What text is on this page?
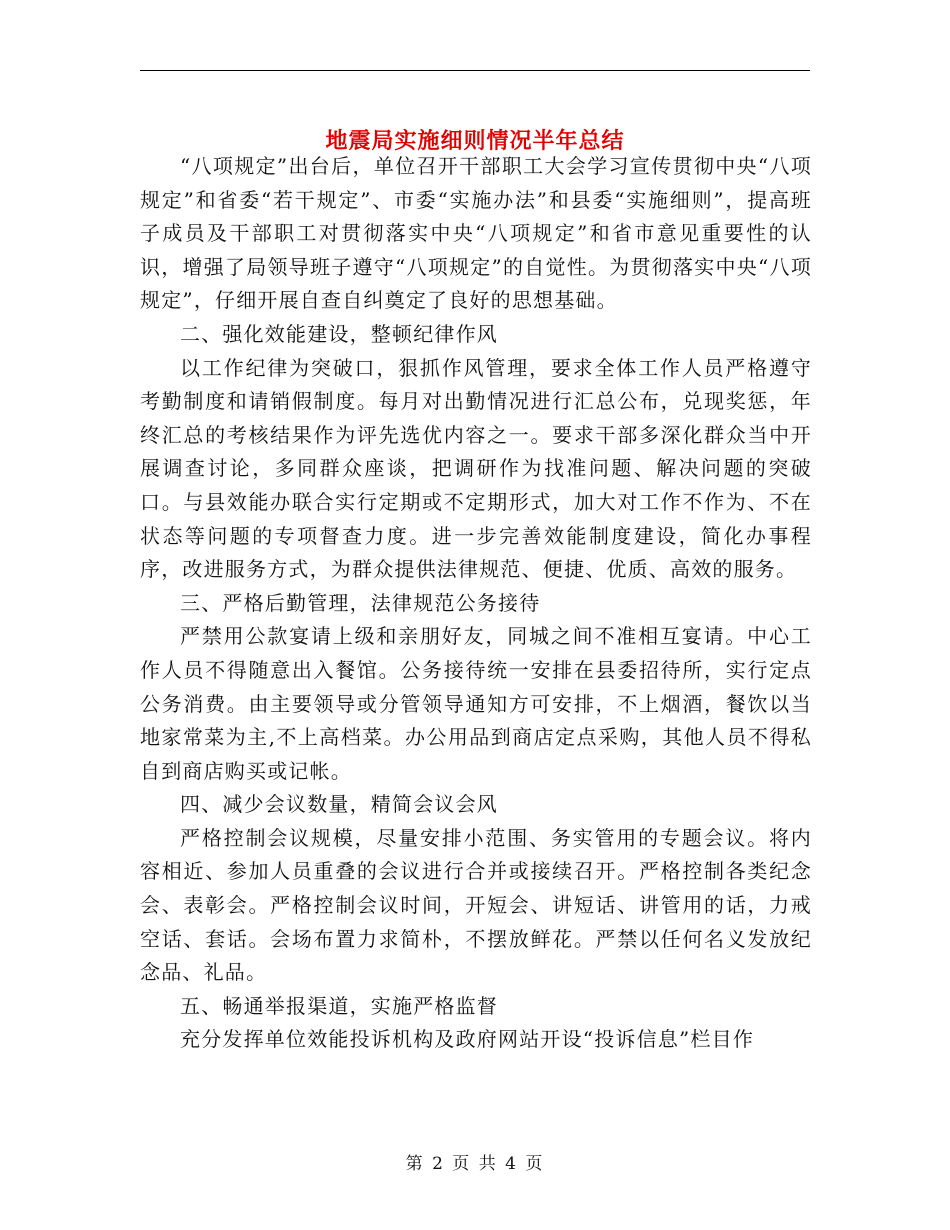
地震局实施细则情况半年总结

“八项规定”出台后，单位召开干部职工大会学习宣传贯彻中央“八项规定”和省委“若干规定”、市委“实施办法”和县委“实施细则”，提高班子成员及干部职工对贯彻落实中央“八项规定”和省市意见重要性的认识，增强了局领导班子遵守“八项规定”的自觉性。为贯彻落实中央“八项规定”，仔细开展自查自纠奠定了良好的思想基础。

二、强化效能建设，整顿纪律作风

以工作纪律为突破口，狠抓作风管理，要求全体工作人员严格遵守考勤制度和请销假制度。每月对出勤情况进行汇总公布，兑现奖惩，年终汇总的考核结果作为评先选优内容之一。要求干部多深化群众当中开展调查讨论，多同群众座谈，把调研作为找准问题、解决问题的突破口。与县效能办联合实行定期或不定期形式，加大对工作不作为、不在状态等问题的专项督查力度。进一步完善效能制度建设，简化办事程序，改进服务方式，为群众提供法律规范、便捷、优质、高效的服务。

三、严格后勤管理，法律规范公务接待

严禁用公款宴请上级和亲朋好友，同城之间不准相互宴请。中心工作人员不得随意出入餐馆。公务接待统一安排在县委招待所，实行定点公务消费。由主要领导或分管领导通知方可安排，不上烟酒，餐饮以当地家常菜为主,不上高档菜。办公用品到商店定点采购，其他人员不得私自到商店购买或记帐。

四、减少会议数量，精简会议会风

严格控制会议规模，尽量安排小范围、务实管用的专题会议。将内容相近、参加人员重叠的会议进行合并或接续召开。严格控制各类纪念会、表彰会。严格控制会议时间，开短会、讲短话、讲管用的话，力戒空话、套话。会场布置力求简朴，不摆放鲜花。严禁以任何名义发放纪念品、礼品。

五、畅通举报渠道，实施严格监督

充分发挥单位效能投诉机构及政府网站开设“投诉信息”栏目作

第 2 页 共 4 页
